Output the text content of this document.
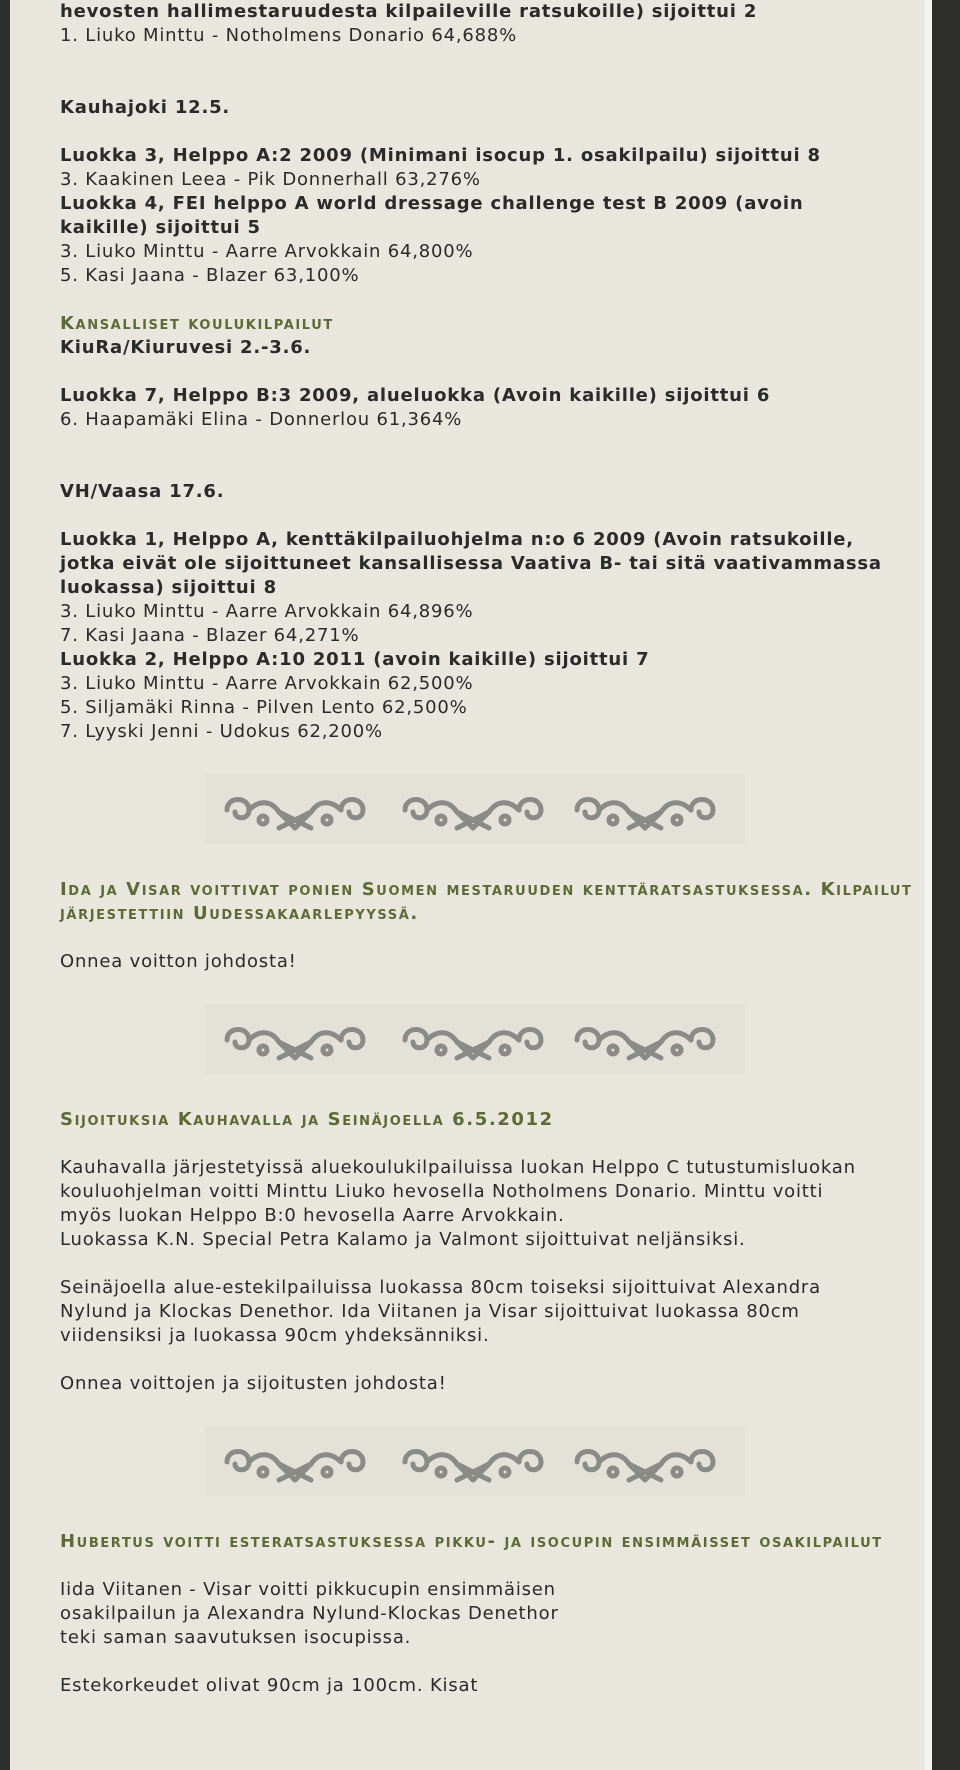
hevosten hallimestaruudesta kilpaileville ratsukoille) sijoittui 2
1. Liuko Minttu - Notholmens Donario 64,688%
Kauhajoki 12.5.
Luokka 3, Helppo A:2 2009 (Minimani isocup 1. osakilpailu) sijoittui 8
3. Kaakinen Leea - Pik Donnerhall 63,276%
Luokka 4, FEI helppo A world dressage challenge test B 2009 (avoin
kaikille) sijoittui 5
3. Liuko Minttu - Aarre Arvokkain 64,800%
5. Kasi Jaana - Blazer 63,100%
Kansalliset koulukilpailut
KiuRa/Kiuruvesi 2.-3.6.
Luokka 7, Helppo B:3 2009, alueluokka (Avoin kaikille) sijoittui 6
6. Haapamäki Elina - Donnerlou 61,364%
VH/Vaasa 17.6.
Luokka 1, Helppo A, kenttäkilpailuohjelma n:o 6 2009 (Avoin ratsukoille,
jotka eivät ole sijoittuneet kansallisessa Vaativa B- tai sitä vaativammassa
luokassa) sijoittui 8
3. Liuko Minttu - Aarre Arvokkain 64,896%
7. Kasi Jaana - Blazer 64,271%
Luokka 2, Helppo A:10 2011 (avoin kaikille) sijoittui 7
3. Liuko Minttu - Aarre Arvokkain 62,500%
5. Siljamäki Rinna - Pilven Lento 62,500%
7. Lyyski Jenni - Udokus 62,200%
Ida ja Visar voittivat ponien Suomen mestaruuden kenttäratsastuksessa. Kilpailut
järjestettiin Uudessakaarlepyyssä.
Onnea voitton johdosta!
Sijoituksia Kauhavalla ja Seinäjoella 6.5.2012
Kauhavalla järjestetyissä aluekoulukilpailuissa luokan Helppo C tutustumisluokan
kouluohjelman voitti Minttu Liuko hevosella Notholmens Donario. Minttu voitti
myös luokan Helppo B:0 hevosella Aarre Arvokkain.
Luokassa K.N. Special Petra Kalamo ja Valmont sijoittuivat neljänsiksi.
Seinäjoella alue-estekilpailuissa luokassa 80cm toiseksi sijoittuivat Alexandra
Nylund ja Klockas Denethor. Ida Viitanen ja Visar sijoittuivat luokassa 80cm
viidensiksi ja luokassa 90cm yhdeksänniksi.
Onnea voittojen ja sijoitusten johdosta!
Hubertus voitti esteratsastuksessa pikku- ja isocupin ensimmäisset osakilpailut
Iida Viitanen - Visar voitti pikkucupin ensimmäisen
osakilpailun ja Alexandra Nylund-Klockas Denethor
teki saman saavutuksen isocupissa.
Estekorkeudet olivat 90cm ja 100cm. Kisat
